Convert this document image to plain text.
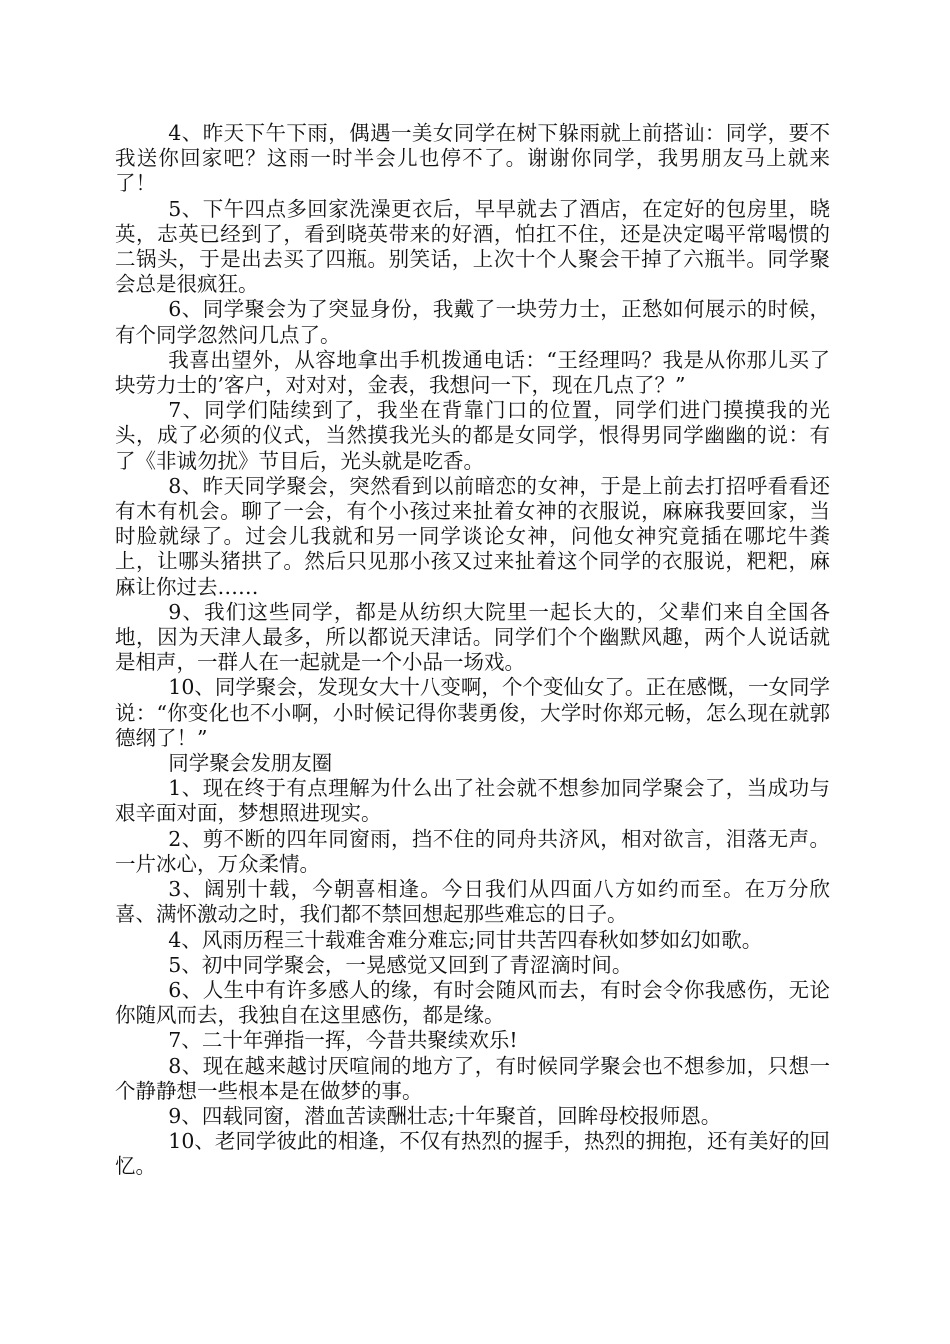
4、昨天下午下雨，偶遇一美女同学在树下躲雨就上前搭讪：同学，要不我送你回家吧？这雨一时半会儿也停不了。谢谢你同学，我男朋友马上就来了！

5、下午四点多回家洗澡更衣后，早早就去了酒店，在定好的包房里，晓英，志英已经到了，看到晓英带来的好酒，怕扛不住，还是决定喝平常喝惯的二锅头，于是出去买了四瓶。别笑话，上次十个人聚会干掉了六瓶半。同学聚会总是很疯狂。

6、同学聚会为了突显身份，我戴了一块劳力士，正愁如何展示的时候，有个同学忽然问几点了。

我喜出望外，从容地拿出手机拨通电话：“王经理吗？我是从你那儿买了块劳力士的’客户，对对对，金表，我想问一下，现在几点了？”

7、同学们陆续到了，我坐在背靠门口的位置，同学们进门摸摸我的光头，成了必须的仪式，当然摸我光头的都是女同学，恨得男同学幽幽的说：有了《非诚勿扰》节目后，光头就是吃香。

8、昨天同学聚会，突然看到以前暗恋的女神，于是上前去打招呼看看还有木有机会。聊了一会，有个小孩过来扯着女神的衣服说，麻麻我要回家，当时脸就绿了。过会儿我就和另一同学谈论女神，问他女神究竟插在哪坨牛粪上，让哪头猪拱了。然后只见那小孩又过来扯着这个同学的衣服说，粑粑，麻麻让你过去……

9、我们这些同学，都是从纺织大院里一起长大的，父辈们来自全国各地，因为天津人最多，所以都说天津话。同学们个个幽默风趣，两个人说话就是相声，一群人在一起就是一个小品一场戏。

10、同学聚会，发现女大十八变啊，个个变仙女了。正在感慨，一女同学说：“你变化也不小啊，小时候记得你裴勇俊，大学时你郑元畅，怎么现在就郭德纲了！”

同学聚会发朋友圈

1、现在终于有点理解为什么出了社会就不想参加同学聚会了，当成功与艰辛面对面，梦想照进现实。

2、剪不断的四年同窗雨，挡不住的同舟共济风，相对欲言，泪落无声。一片冰心，万众柔情。

3、阔别十载，今朝喜相逢。今日我们从四面八方如约而至。在万分欣喜、满怀激动之时，我们都不禁回想起那些难忘的日子。

4、风雨历程三十载难舍难分难忘;同甘共苦四春秋如梦如幻如歌。

5、初中同学聚会，一晃感觉又回到了青涩滴时间。

6、人生中有许多感人的缘，有时会随风而去，有时会令你我感伤，无论你随风而去，我独自在这里感伤，都是缘。

7、二十年弹指一挥，今昔共聚续欢乐!

8、现在越来越讨厌喧闹的地方了，有时候同学聚会也不想参加，只想一个静静想一些根本是在做梦的事。

9、四载同窗，潜血苦读酬壮志;十年聚首，回眸母校报师恩。

10、老同学彼此的相逢，不仅有热烈的握手，热烈的拥抱，还有美好的回忆。
